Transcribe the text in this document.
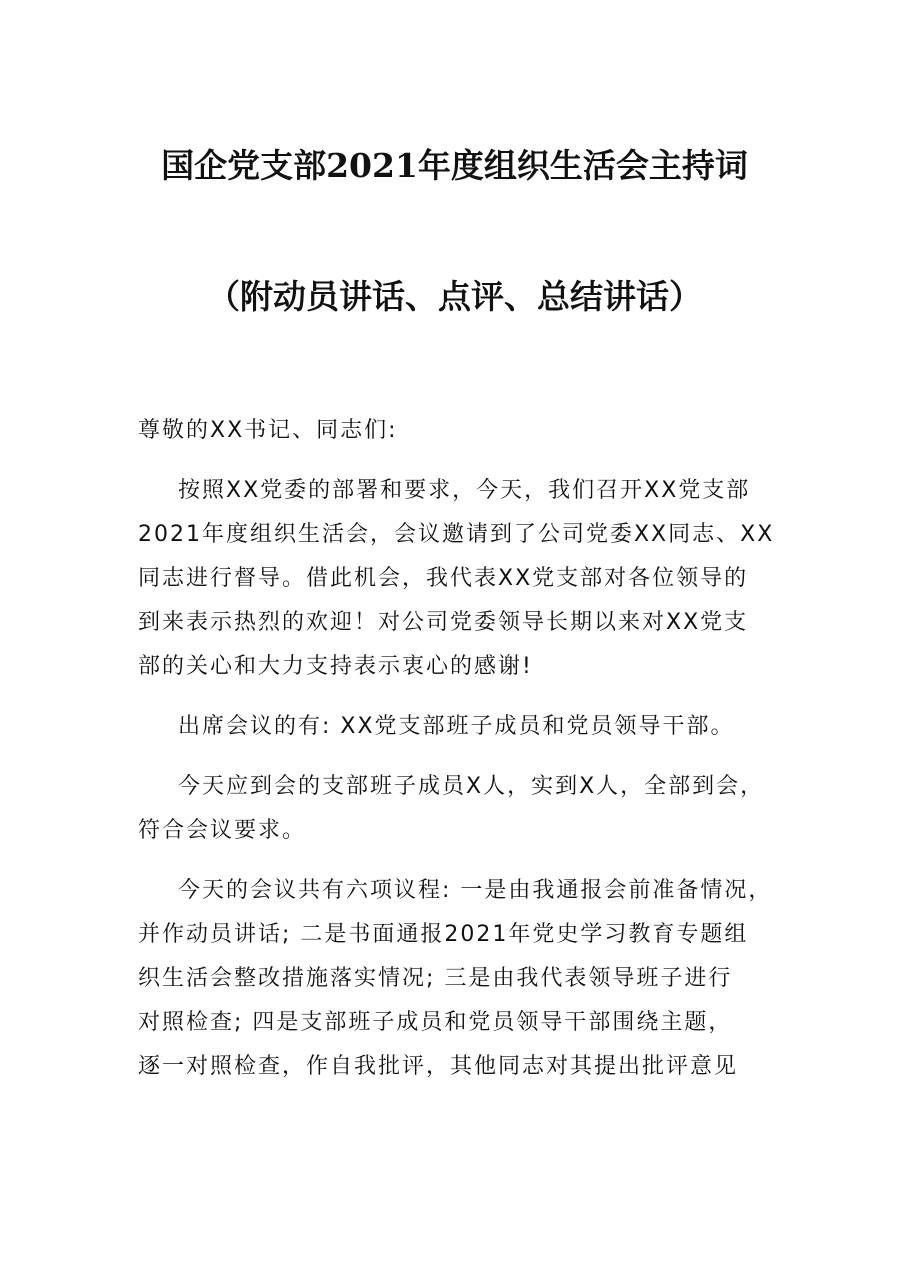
国企党支部2021年度组织生活会主持词
（附动员讲话、点评、总结讲话）
尊敬的XX书记、同志们:
按照XX党委的部署和要求，今天，我们召开XX党支部
2021年度组织生活会，会议邀请到了公司党委XX同志、XX
同志进行督导。借此机会，我代表XX党支部对各位领导的
到来表示热烈的欢迎！对公司党委领导长期以来对XX党支
部的关心和大力支持表示衷心的感谢!
出席会议的有: XX党支部班子成员和党员领导干部。
今天应到会的支部班子成员X人，实到X人，全部到会，
符合会议要求。
今天的会议共有六项议程: 一是由我通报会前准备情况，
并作动员讲话; 二是书面通报2021年党史学习教育专题组
织生活会整改措施落实情况; 三是由我代表领导班子进行
对照检查; 四是支部班子成员和党员领导干部围绕主题，
逐一对照检查，作自我批评，其他同志对其提出批评意见
